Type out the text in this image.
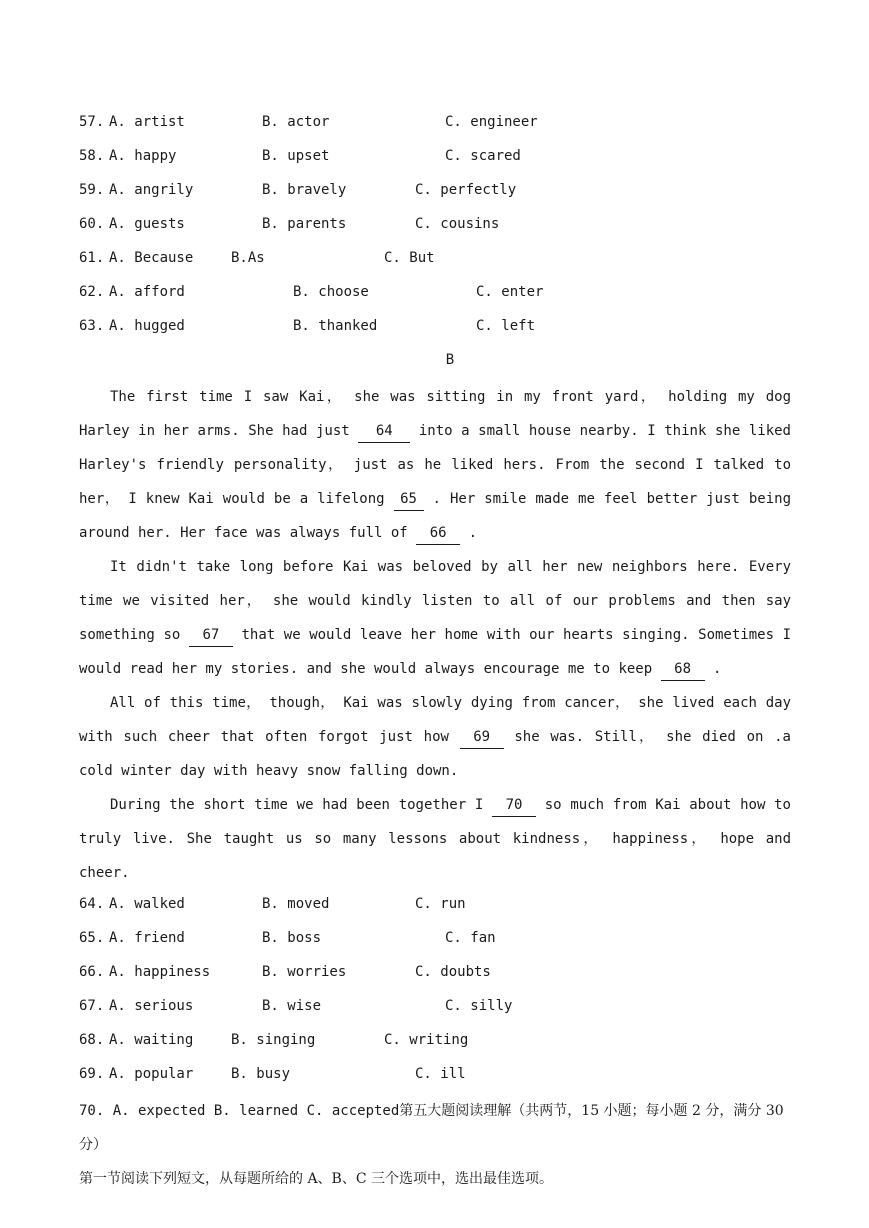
57. A. artist	B. actor	C. engineer
58. A. happy	B. upset	C. scared
59. A. angrily	B. bravely	C. perfectly
60. A. guests	B. parents	C. cousins
61. A. Because	B.As	C. But
62. A. afford	B. choose	C. enter
63. A. hugged	B. thanked	C. left
B

The first time I saw Kai， she was sitting in my front yard， holding my dog Harley in her arms. She had just 64 into a small house nearby. I think she liked Harley's friendly personality， just as he liked hers. From the second I talked to her， I knew Kai would be a lifelong 65 . Her smile made me feel better just being around her. Her face was always full of 66 .

It didn't take long before Kai was beloved by all her new neighbors here. Every time we visited her， she would kindly listen to all of our problems and then say something so 67 that we would leave her home with our hearts singing. Sometimes I would read her my stories. and she would always encourage me to keep 68 .

All of this time， though， Kai was slowly dying from cancer， she lived each day with such cheer that often forgot just how 69 she was. Still， she died on .a cold winter day with heavy snow falling down.

During the short time we had been together I 70 so much from Kai about how to truly live. She taught us so many lessons about kindness， happiness， hope and cheer.

64. A. walked	B. moved	C. run
65. A. friend	B. boss	C. fan
66. A. happiness	B. worries	C. doubts
67. A. serious	B. wise	C. silly
68. A. waiting	B. singing	C. writing
69. A. popular	B. busy	C. ill
70. A. expected B. learned C. accepted第五大题阅读理解（共两节，15 小题；每小题 2 分，满分 30 分）
第一节阅读下列短文，从每题所给的 A、B、C 三个选项中，选出最佳选项。
